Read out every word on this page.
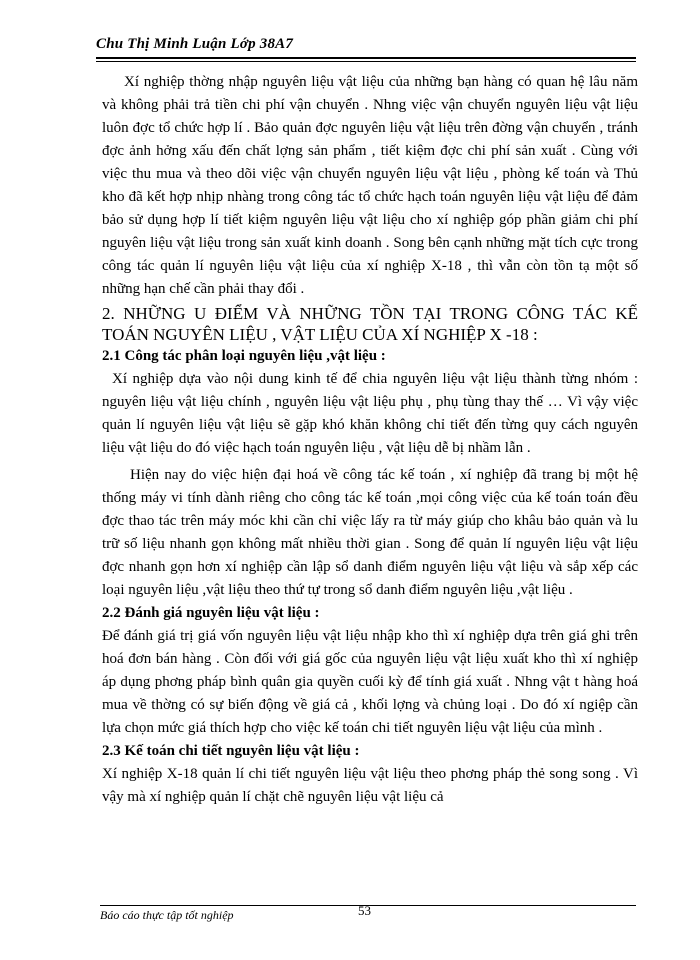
Chu Thị Minh Luận Lớp 38A7

Xí nghiệp thờng nhập nguyên liệu vật liệu của những bạn hàng có quan hệ lâu năm và không phải trả tiền chi phí vận chuyển . Nhng việc vận chuyển nguyên liệu vật liệu luôn đợc tổ chức hợp lí . Bảo quản đợc nguyên liệu vật liệu trên đờng vận chuyển , tránh đợc ảnh hởng xấu đến chất lợng sản phẩm , tiết kiệm đợc chi phí sản xuất . Cùng với việc thu mua và theo dõi việc vận chuyển nguyên liệu vật liệu , phòng kế toán và Thủ kho đã kết hợp nhịp nhàng trong công tác tổ chức hạch toán nguyên liệu vật liệu để đảm bảo sử dụng hợp lí tiết kiệm nguyên liệu vật liệu cho xí nghiệp góp phần giảm chi phí nguyên liệu vật liệu trong sản xuất kinh doanh . Song bên cạnh những mặt tích cực trong công tác quản lí nguyên liệu vật liệu của xí nghiệp X-18 , thì vẫn còn tồn tạ một số những hạn chế cần phải thay đổi .

2. NHỮNG U ĐIỂM VÀ NHỮNG TỒN TẠI TRONG CÔNG TÁC KẾ
TOÁN NGUYÊN LIỆU , VẬT LIỆU CỦA XÍ NGHIỆP X -18 :

2.1 Công tác phân loại nguyên liệu ,vật liệu :

Xí nghiệp dựa vào nội dung kinh tế để chia nguyên liệu vật liệu thành từng nhóm : nguyên liệu vật liệu chính , nguyên liệu vật liệu phụ , phụ tùng thay thế … Vì vậy việc quản lí nguyên liệu vật liệu sẽ gặp khó khăn không chỉ tiết đến từng quy cách nguyên liệu vật liệu do đó việc hạch toán nguyên liệu , vật liệu dễ bị nhầm lẫn .

Hiện nay do việc hiện đại hoá về công tác kế toán , xí nghiệp đã trang bị một hệ thống máy vi tính dành riêng cho công tác kế toán ,mọi công việc của kế toán toán đều đợc thao tác trên máy móc khi cần chỉ việc lấy ra từ máy giúp cho khâu bảo quản và lu trữ số liệu nhanh gọn không mất nhiều thời gian . Song để quản lí nguyên liệu vật liệu đợc nhanh gọn hơn xí nghiệp cần lập sổ danh điểm nguyên liệu vật liệu và sắp xếp các loại nguyên liệu ,vật liệu theo thứ tự trong sổ danh điểm nguyên liệu ,vật liệu .

2.2 Đánh giá nguyên liệu vật liệu :

Để đánh giá trị giá vốn nguyên liệu vật liệu nhập kho thì xí nghiệp dựa trên giá ghi trên hoá đơn bán hàng . Còn đối với giá gốc của nguyên liệu vật liệu xuất kho thì xí nghiệp áp dụng phơng pháp bình quân gia quyền cuối kỳ để tính giá xuất . Nhng vật t hàng hoá mua về thờng có sự biến động về giá cả , khối lợng và chủng loại . Do đó xí ngiệp cần lựa chọn mức giá thích hợp cho việc kế toán chi tiết nguyên liệu vật liệu của mình .

2.3 Kế toán chi tiết nguyên liệu vật liệu :

Xí nghiệp X-18 quản lí chi tiết nguyên liệu vật liệu theo phơng pháp thẻ song song . Vì vậy mà xí nghiệp quản lí chặt chẽ nguyên liệu vật liệu cả

Báo cáo thực tập tốt nghiệp	53
